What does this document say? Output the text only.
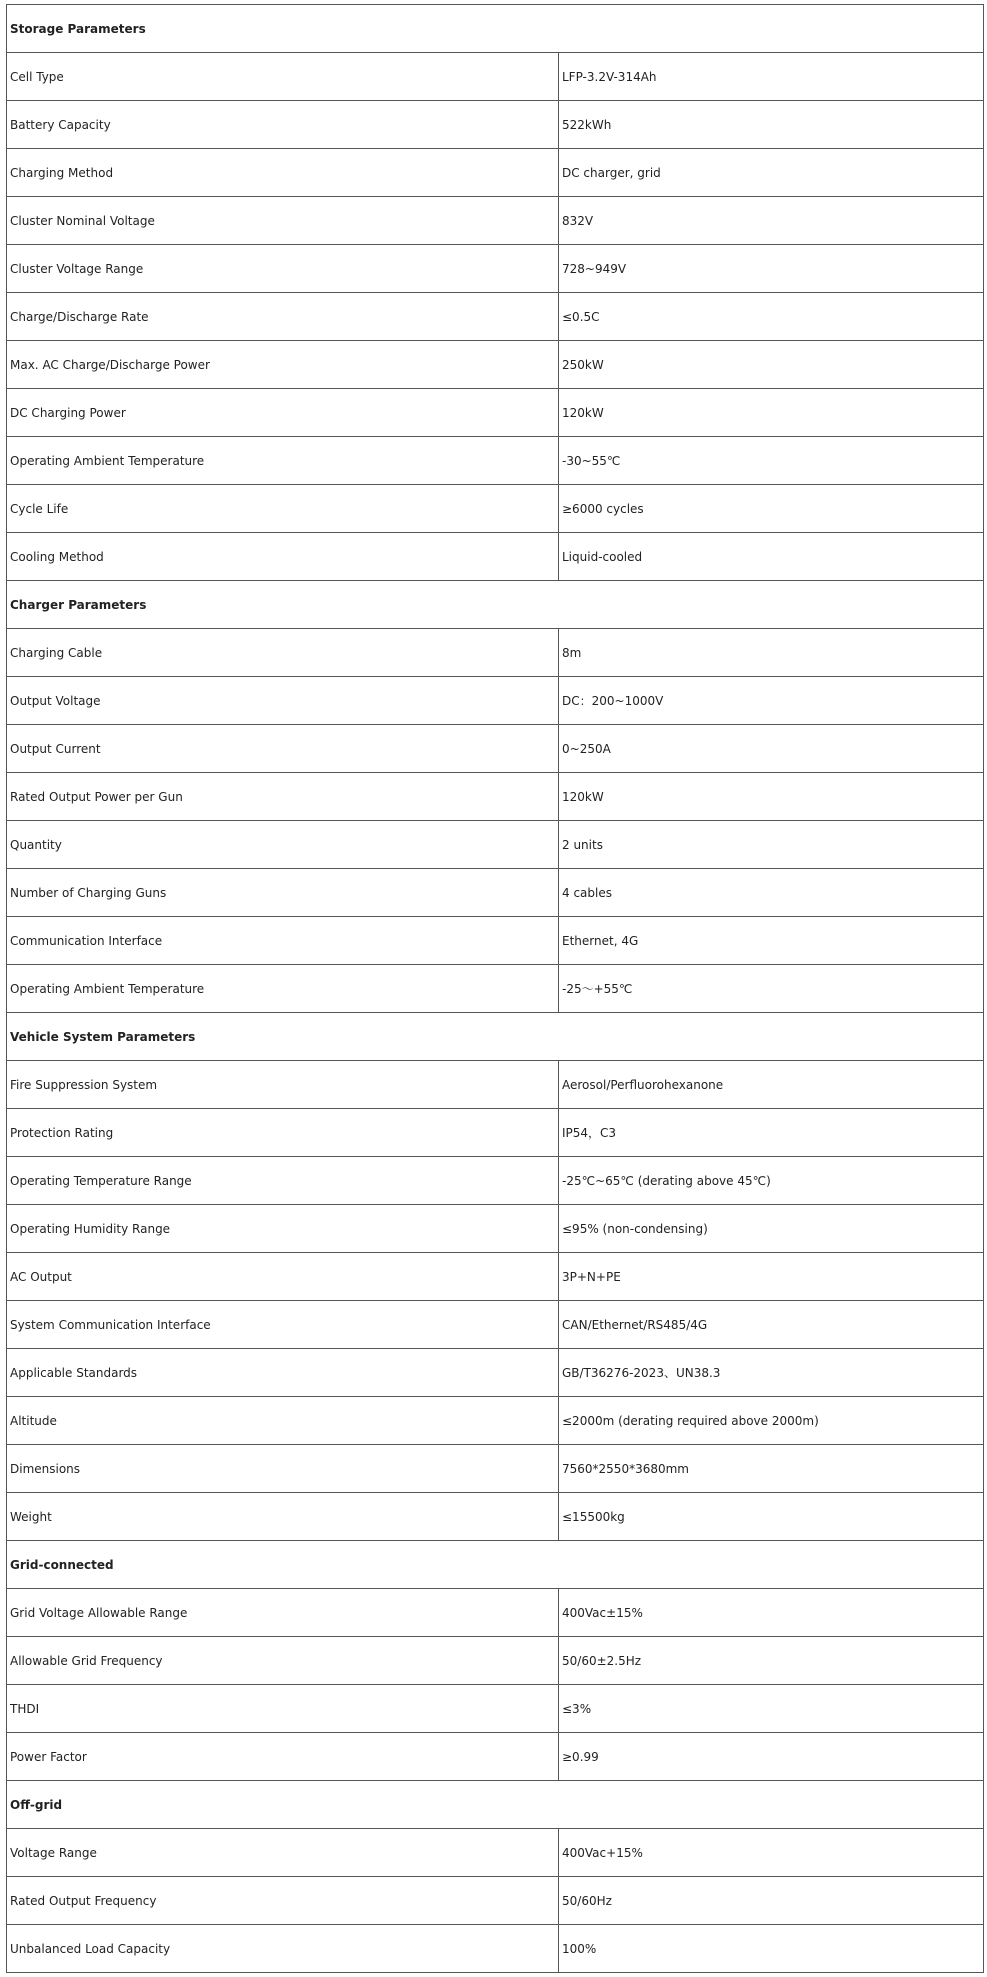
Storage Parameters	
Cell Type	LFP-3.2V-314Ah
Battery Capacity	522kWh
Charging Method	DC charger, grid
Cluster Nominal Voltage	832V
Cluster Voltage Range	728~949V
Charge/Discharge Rate	≤0.5C
Max. AC Charge/Discharge Power	250kW
DC Charging Power	120kW
Operating Ambient Temperature	-30~55℃
Cycle Life	≥6000 cycles
Cooling Method	Liquid-cooled
Charger Parameters	
Charging Cable	8m
Output Voltage	DC：200~1000V
Output Current	0~250A
Rated Output Power per Gun	120kW
Quantity	2 units
Number of Charging Guns	4 cables
Communication Interface	Ethernet, 4G
Operating Ambient Temperature	-25～+55℃
Vehicle System Parameters	
Fire Suppression System	Aerosol/Perfluorohexanone
Protection Rating	IP54，C3
Operating Temperature Range	-25℃~65℃ (derating above 45℃)
Operating Humidity Range	≤95% (non-condensing)
AC Output	3P+N+PE
System Communication Interface	CAN/Ethernet/RS485/4G
Applicable Standards	GB/T36276-2023、UN38.3
Altitude	≤2000m (derating required above 2000m)
Dimensions	7560*2550*3680mm
Weight	≤15500kg
Grid-connected	
Grid Voltage Allowable Range	400Vac±15%
Allowable Grid Frequency	50/60±2.5Hz
THDI	≤3%
Power Factor	≥0.99
Off-grid	
Voltage Range	400Vac+15%
Rated Output Frequency	50/60Hz
Unbalanced Load Capacity	100%
